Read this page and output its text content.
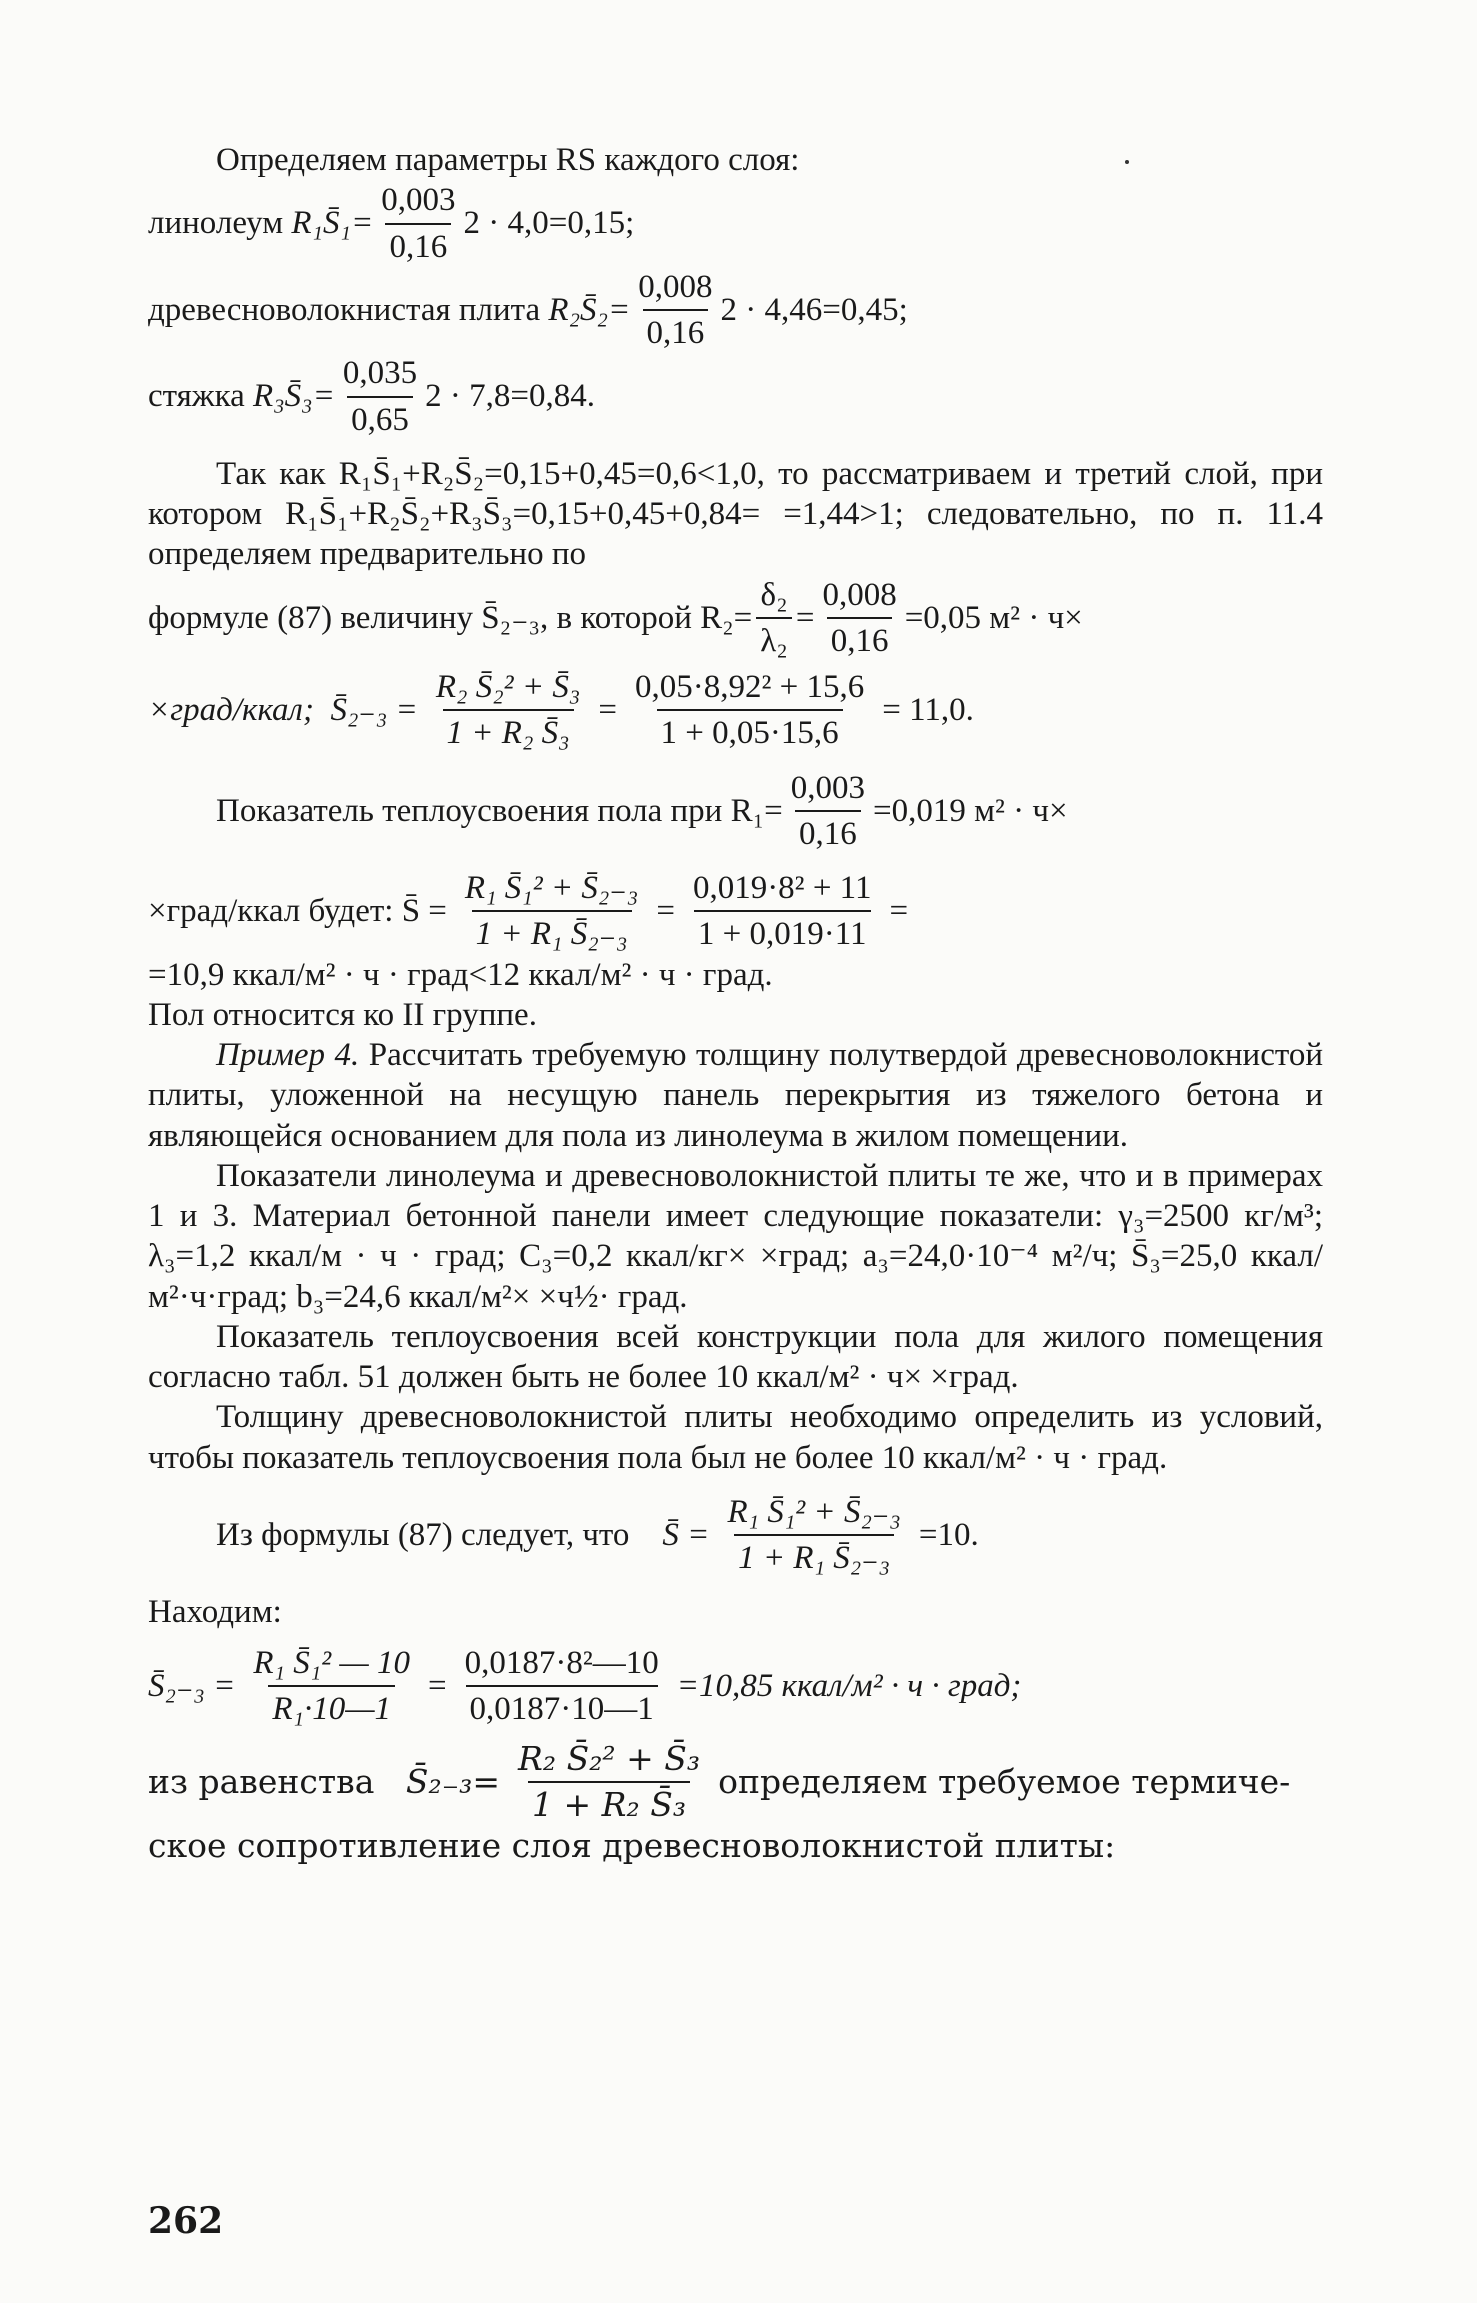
Определяем параметры RS каждого слоя:

линолеум
R₁S̄₁= $\frac{0,003}{0,16} 2 \cdot 4,0=0,15$;
древесноволокнистая плита
R₂S̄₂= $\frac{0,008}{0,16} 2 \cdot 4,46=0,45$;
стяжка
R₃S̄₃= $\frac{0,035}{0,65} 2 \cdot 7,8=0,84$.

Так как R₁S̄₁+R₂S̄₂=0,15+0,45=0,6<1,0, то рассматриваем и третий слой, при котором R₁S̄₁+R₂S̄₂+R₃S̄₃=0,15+0,45+0,84= =1,44>1; следовательно, по п. 11.4 определяем предварительно по

формуле (87) величину S̄₂₋₃, в которой $R_2= \frac{\text{δ₂}}{\text{λ₂}} = \frac{0,008}{0,16} =0,05$ м² · ч×
×град/ккал;
S̄₂₋₃ = $\frac{\text{R₂ S̄₂² + S̄₃}}{\text{1 + R₂ S̄₃}} = \frac{\text{0,05·8,92² + 15,6}}{1 + 0,05\cdot 15,6} = 11,0$.
Показатель теплоусвоения пола при $R_1= \frac{0,003}{0,16} =0,019$ м² · ч×
×град/ккал будет: S̄ = $\frac{\text{R₁ S̄₁² + S̄₂₋₃}}{\text{1 + R₁ S̄₂₋₃}} = \frac{\text{0,019·8² + 11}}{1 + 0,019\cdot 11}$ =

=10,9 ккал/м² · ч · град<12 ккал/м² · ч · град.

Пол относится ко II группе.

Пример 4. Рассчитать требуемую толщину полутвердой древесноволокнистой плиты, уложенной на несущую панель перекрытия из тяжелого бетона и являющейся основанием для пола из линолеума в жилом помещении.

Показатели линолеума и древесноволокнистой плиты те же, что и в примерах 1 и 3. Материал бетонной панели имеет следующие показатели: γ₃=2500 кг/м³; λ₃=1,2 ккал/м · ч · град; C₃=0,2 ккал/кг× ×град; a₃=24,0·10⁻⁴ м²/ч; S̄₃=25,0 ккал/м²·ч·град; b₃=24,6 ккал/м²× ×ч½· град.

Показатель теплоусвоения всей конструкции пола для жилого помещения согласно табл. 51 должен быть не более 10 ккал/м² · ч× ×град.

Толщину древесноволокнистой плиты необходимо определить из условий, чтобы показатель теплоусвоения пола был не более 10 ккал/м² · ч · град.

Из формулы (87) следует, что
S̄ = $\frac{\text{R₁ S̄₁² + S̄₂₋₃}}{\text{1 + R₁ S̄₂₋₃}} =10$.

Находим:

S̄₂₋₃ = $\frac{\text{R₁ S̄₁² — 10}}{\text{R₁·10—1}} = \frac{\text{0,0187·8²—10}}{0,0187\cdot 10—1} =10,85$ ккал/м² · ч · град;
из равенства
S̄₂₋₃= $\frac{\text{R₂ S̄₂² + S̄₃}}{\text{1 + R₂ S̄₃}}$ определяем требуемое термиче-

ское сопротивление слоя древесноволокнистой плиты:

262
